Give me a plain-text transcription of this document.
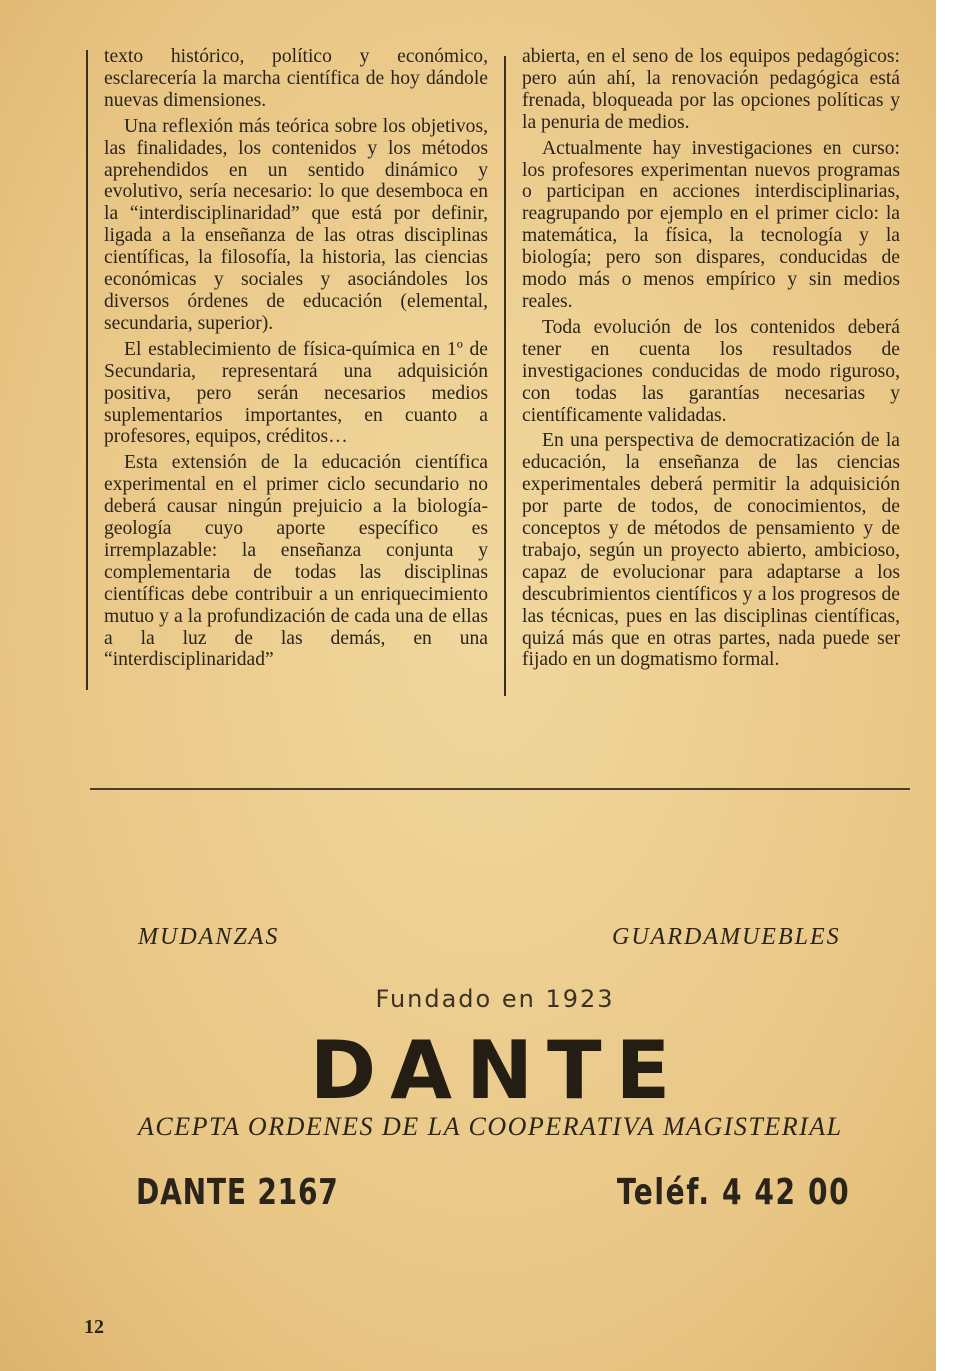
texto histórico, político y económico, esclarecería la marcha científica de hoy dándole nuevas dimensiones.

Una reflexión más teórica sobre los objetivos, las finalidades, los contenidos y los métodos aprehendidos en un sentido dinámico y evolutivo, sería necesario: lo que desemboca en la “interdisciplinaridad” que está por definir, ligada a la enseñanza de las otras disciplinas científicas, la filosofía, la historia, las ciencias económicas y sociales y asociándoles los diversos órdenes de educación (elemental, secundaria, superior).

El establecimiento de física-química en 1º de Secundaria, representará una adquisición positiva, pero serán necesarios medios suplementarios importantes, en cuanto a profesores, equipos, créditos…

Esta extensión de la educación científica experimental en el primer ciclo secundario no deberá causar ningún prejuicio a la biología-geología cuyo aporte específico es irremplazable: la enseñanza conjunta y complementaria de todas las disciplinas científicas debe contribuir a un enriquecimiento mutuo y a la profundización de cada una de ellas a la luz de las demás, en una “interdisciplinaridad”

abierta, en el seno de los equipos pedagógicos: pero aún ahí, la renovación pedagógica está frenada, bloqueada por las opciones políticas y la penuria de medios.

Actualmente hay investigaciones en curso: los profesores experimentan nuevos programas o participan en acciones interdisciplinarias, reagrupando por ejemplo en el primer ciclo: la matemática, la física, la tecnología y la biología; pero son dispares, conducidas de modo más o menos empírico y sin medios reales.

Toda evolución de los contenidos deberá tener en cuenta los resultados de investigaciones conducidas de modo riguroso, con todas las garantías necesarias y científicamente validadas.

En una perspectiva de democratización de la educación, la enseñanza de las ciencias experimentales deberá permitir la adquisición por parte de todos, de conocimientos, de conceptos y de métodos de pensamiento y de trabajo, según un proyecto abierto, ambicioso, capaz de evolucionar para adaptarse a los descubrimientos científicos y a los progresos de las técnicas, pues en las disciplinas científicas, quizá más que en otras partes, nada puede ser fijado en un dogmatismo formal.

MUDANZAS	GUARDAMUEBLES
Fundado en 1923
DANTE
ACEPTA ORDENES DE LA COOPERATIVA MAGISTERIAL
DANTE 2167	Teléf. 4 42 00
12
